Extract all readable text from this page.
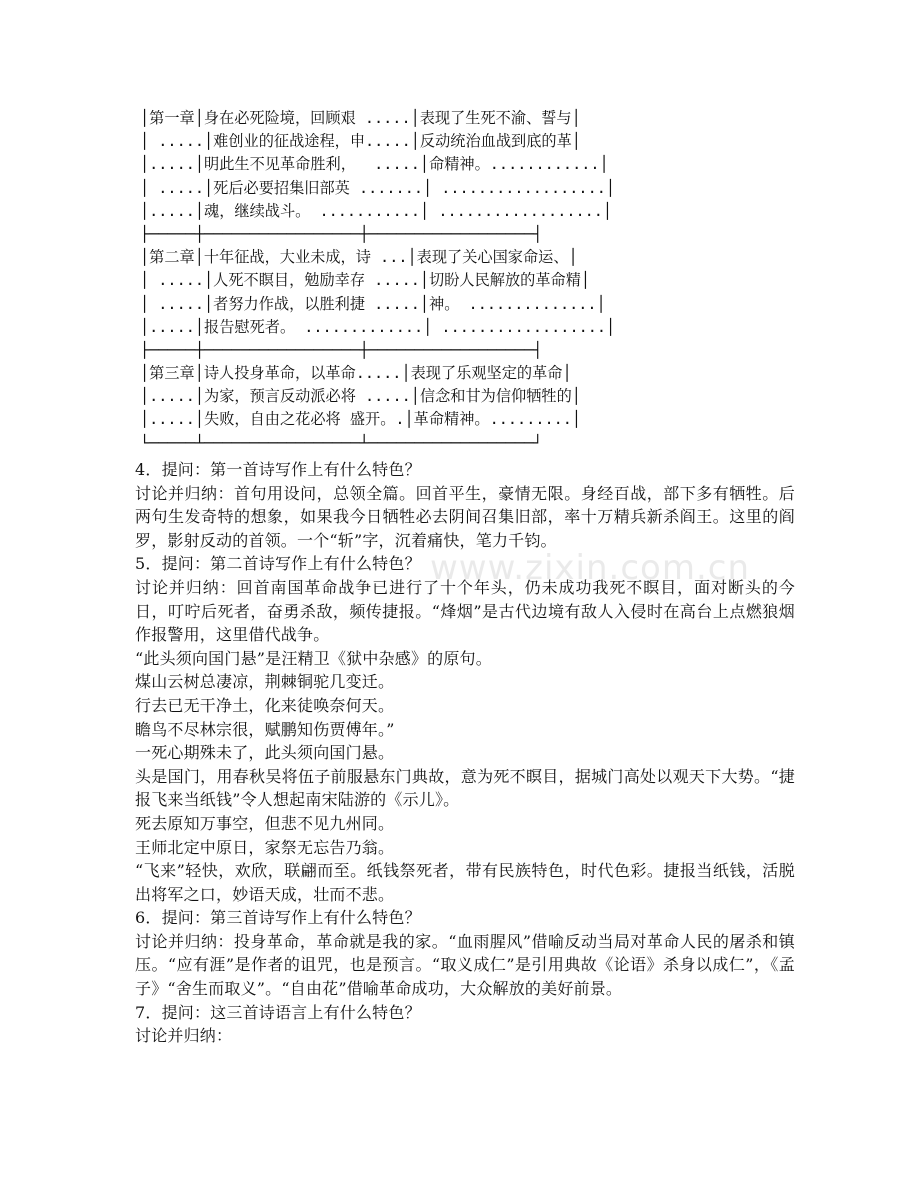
│第一章│身在必死险境，回顾艰 .....│表现了生死不渝、誓与│
│ .....│难创业的征战途程，申.....│反动统治血战到底的革│
│.....│明此生不见革命胜利，  .....│命精神。............│
│ .....│死后必要招集旧部英 .......│ ..................│
│.....│魂，继续战斗。 ...........│ ..................│
├─────┼─────────────────┼──────────────────┤
│第二章│十年征战，大业未成，诗 ...│表现了关心国家命运、│
│ .....│人死不瞑目，勉励幸存 .....│切盼人民解放的革命精│
│ .....│者努力作战，以胜利捷 .....│神。 ..............│
│.....│报告慰死者。 .............│ ..................│
├─────┼─────────────────┼──────────────────┤
│第三章│诗人投身革命，以革命.....│表现了乐观坚定的革命│
│.....│为家，预言反动派必将 .....│信念和甘为信仰牺牲的│
│.....│失败，自由之花必将 盛开。.│革命精神。.........│
└─────┴─────────────────┴──────────────────┘
www.zixin.com.cn

4．提问：第一首诗写作上有什么特色？

讨论并归纳：首句用设问，总领全篇。回首平生，豪情无限。身经百战，部下多有牺牲。后两句生发奇特的想象，如果我今日牺牲必去阴间召集旧部，率十万精兵新杀阎王。这里的阎罗，影射反动的首领。一个“斩”字，沉着痛快，笔力千钧。

5．提问：第二首诗写作上有什么特色？

讨论并归纳：回首南国革命战争已进行了十个年头，仍未成功我死不瞑目，面对断头的今日，叮咛后死者，奋勇杀敌，频传捷报。“烽烟”是古代边境有敌人入侵时在高台上点燃狼烟作报警用，这里借代战争。

“此头须向国门悬”是汪精卫《狱中杂感》的原句。

煤山云树总凄凉，荆棘铜驼几变迁。

行去已无干净土，化来徒唤奈何天。

瞻鸟不尽林宗很，赋鹏知伤贾傅年。”

一死心期殊未了，此头须向国门悬。

头是国门，用春秋吴将伍子前服悬东门典故，意为死不瞑目，据城门高处以观天下大势。“捷报飞来当纸钱”令人想起南宋陆游的《示儿》。

死去原知万事空，但悲不见九州同。

王师北定中原日，家祭无忘告乃翁。

“飞来”轻快，欢欣，联翩而至。纸钱祭死者，带有民族特色，时代色彩。捷报当纸钱，活脱出将军之口，妙语天成，壮而不悲。

6．提问：第三首诗写作上有什么特色？

讨论并归纳：投身革命，革命就是我的家。“血雨腥风”借喻反动当局对革命人民的屠杀和镇压。“应有涯”是作者的诅咒，也是预言。“取义成仁”是引用典故《论语》杀身以成仁”，《孟子》“舍生而取义”。“自由花”借喻革命成功，大众解放的美好前景。

7．提问：这三首诗语言上有什么特色？

讨论并归纳：
